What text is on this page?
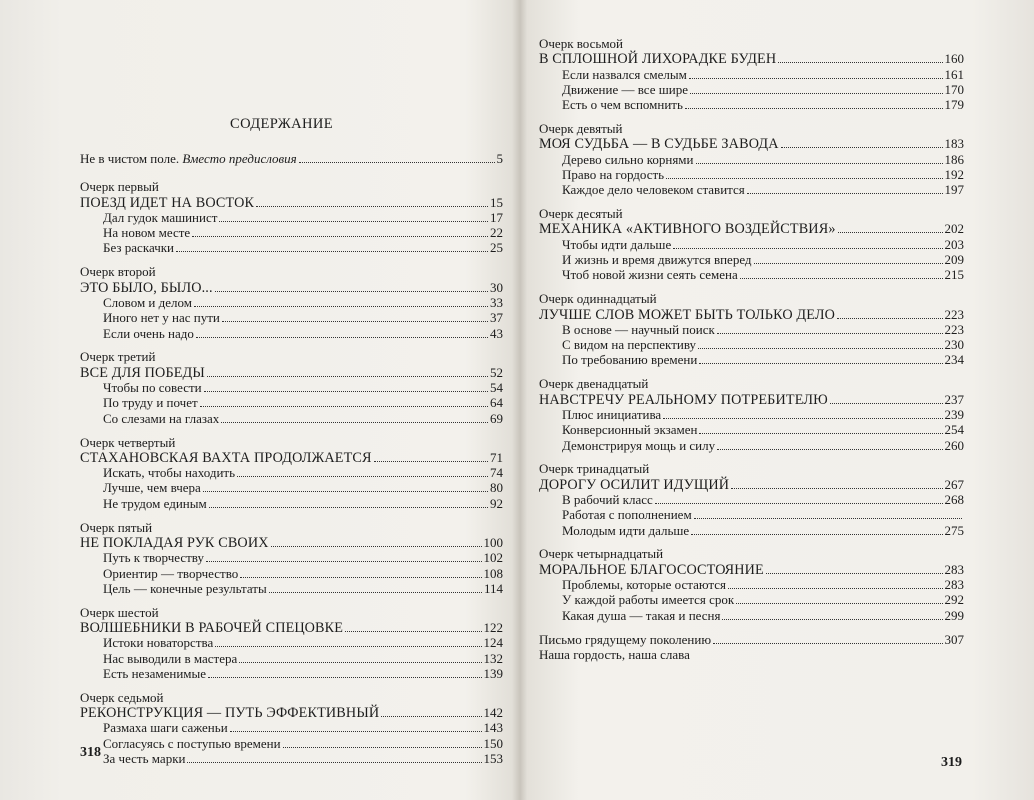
СОДЕРЖАНИЕ
Не в чистом поле. Вместо предисловия	5
Очерк первый
ПОЕЗД ИДЕТ НА ВОСТОК	15
Дал гудок машинист	17
На новом месте	22
Без раскачки	25
Очерк второй
ЭТО БЫЛО, БЫЛО...	30
Словом и делом	33
Иного нет у нас пути	37
Если очень надо	43
Очерк третий
ВСЕ ДЛЯ ПОБЕДЫ	52
Чтобы по совести	54
По труду и почет	64
Со слезами на глазах	69
Очерк четвертый
СТАХАНОВСКАЯ ВАХТА ПРОДОЛЖАЕТСЯ	71
Искать, чтобы находить	74
Лучше, чем вчера	80
Не трудом единым	92
Очерк пятый
НЕ ПОКЛАДАЯ РУК СВОИХ	100
Путь к творчеству	102
Ориентир — творчество	108
Цель — конечные результаты	114
Очерк шестой
ВОЛШЕБНИКИ В РАБОЧЕЙ СПЕЦОВКЕ	122
Истоки новаторства	124
Нас выводили в мастера	132
Есть незаменимые	139
Очерк седьмой
РЕКОНСТРУКЦИЯ — ПУТЬ ЭФФЕКТИВНЫЙ	142
Размаха шаги саженьи	143
Согласуясь с поступью времени	150
За честь марки	153
318
Очерк восьмой
В СПЛОШНОЙ ЛИХОРАДКЕ БУДЕН	160
Если назвался смелым	161
Движение — все шире	170
Есть о чем вспомнить	179
Очерк девятый
МОЯ СУДЬБА — В СУДЬБЕ ЗАВОДА	183
Дерево сильно корнями	186
Право на гордость	192
Каждое дело человеком ставится	197
Очерк десятый
МЕХАНИКА «АКТИВНОГО ВОЗДЕЙСТВИЯ»	202
Чтобы идти дальше	203
И жизнь и время движутся вперед	209
Чтоб новой жизни сеять семена	215
Очерк одиннадцатый
ЛУЧШЕ СЛОВ МОЖЕТ БЫТЬ ТОЛЬКО ДЕЛО	223
В основе — научный поиск	223
С видом на перспективу	230
По требованию времени	234
Очерк двенадцатый
НАВСТРЕЧУ РЕАЛЬНОМУ ПОТРЕБИТЕЛЮ	237
Плюс инициатива	239
Конверсионный экзамен	254
Демонстрируя мощь и силу	260
Очерк тринадцатый
ДОРОГУ ОСИЛИТ ИДУЩИЙ	267
В рабочий класс	268
Работая с пополнением
Молодым идти дальше	275
Очерк четырнадцатый
МОРАЛЬНОЕ БЛАГОСОСТОЯНИЕ	283
Проблемы, которые остаются	283
У каждой работы имеется срок	292
Какая душа — такая и песня	299
Письмо грядущему поколению	307
Наша гордость, наша слава
319
